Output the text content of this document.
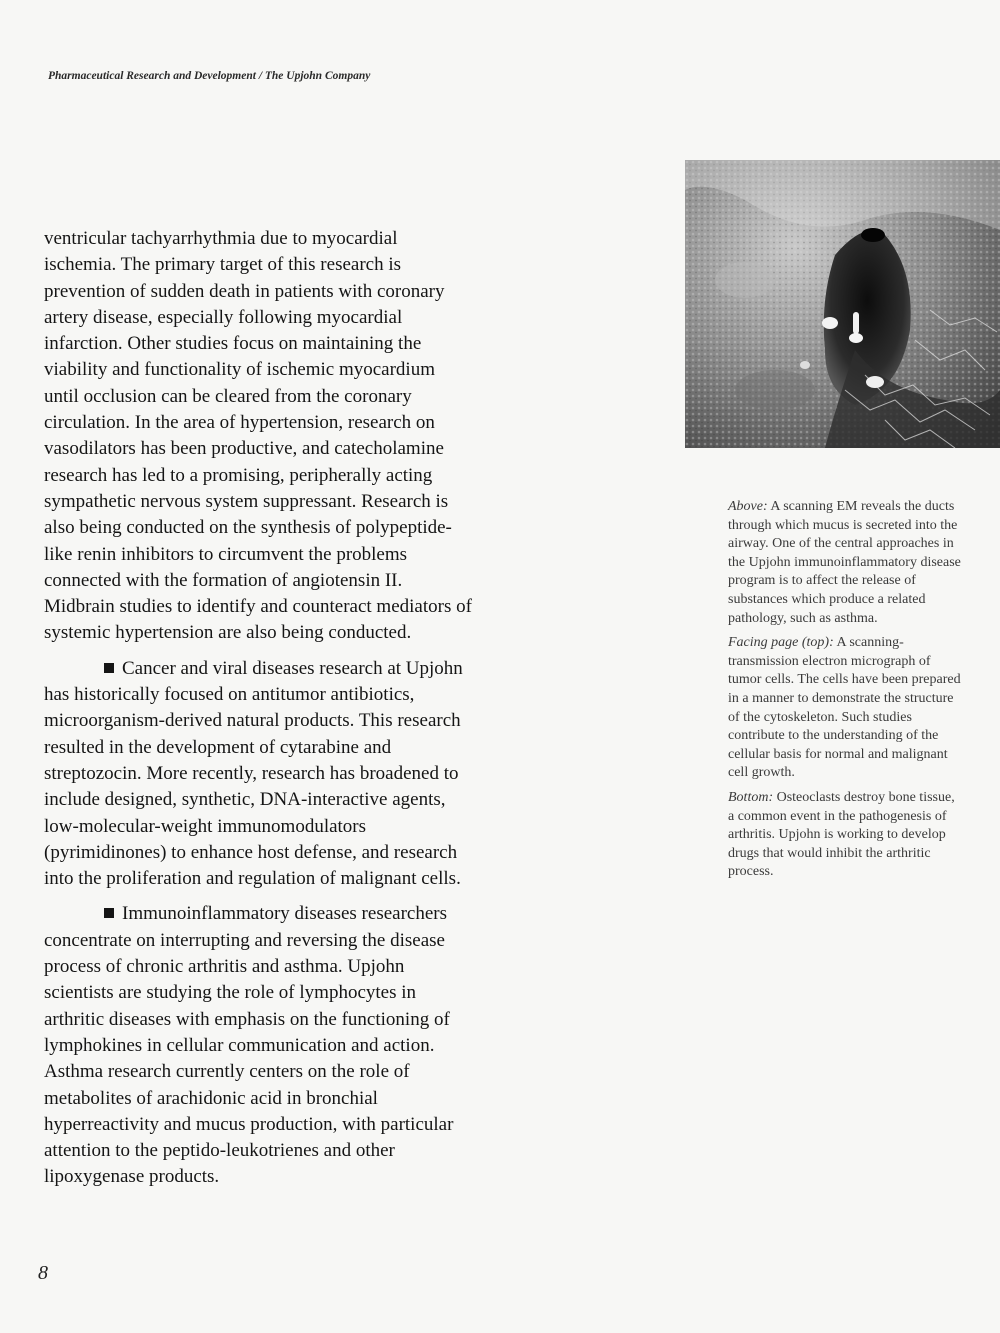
Pharmaceutical Research and Development / The Upjohn Company

ventricular tachyarrhythmia due to myocardial ischemia. The primary target of this research is prevention of sudden death in patients with coronary artery disease, especially following myocardial infarction. Other studies focus on maintaining the viability and functionality of ischemic myocardium until occlusion can be cleared from the coronary circulation. In the area of hypertension, research on vasodilators has been productive, and catecholamine research has led to a promising, peripherally acting sympathetic nervous system suppressant. Research is also being conducted on the synthesis of polypeptide-like renin inhibitors to circumvent the problems connected with the formation of angiotensin II. Midbrain studies to identify and counteract mediators of systemic hypertension are also being conducted.

Cancer and viral diseases research at Upjohn has historically focused on antitumor antibiotics, microorganism-derived natural products. This research resulted in the development of cytarabine and streptozocin. More recently, research has broadened to include designed, synthetic, DNA-interactive agents, low-molecular-weight immunomodulators (pyrimidinones) to enhance host defense, and research into the proliferation and regulation of malignant cells.

Immunoinflammatory diseases researchers concentrate on interrupting and reversing the disease process of chronic arthritis and asthma. Upjohn scientists are studying the role of lymphocytes in arthritic diseases with emphasis on the functioning of lymphokines in cellular communication and action. Asthma research currently centers on the role of metabolites of arachidonic acid in bronchial hyperreactivity and mucus production, with particular attention to the peptido-leukotrienes and other lipoxygenase products.

Above: A scanning EM reveals the ducts through which mucus is secreted into the airway. One of the central approaches in the Upjohn immunoinflammatory disease program is to affect the release of substances which produce a related pathology, such as asthma.

Facing page (top): A scanning-transmission electron micrograph of tumor cells. The cells have been prepared in a manner to demonstrate the structure of the cytoskeleton. Such studies contribute to the understanding of the cellular basis for normal and malignant cell growth.

Bottom: Osteoclasts destroy bone tissue, a common event in the pathogenesis of arthritis. Upjohn is working to develop drugs that would inhibit the arthritic process.

8
